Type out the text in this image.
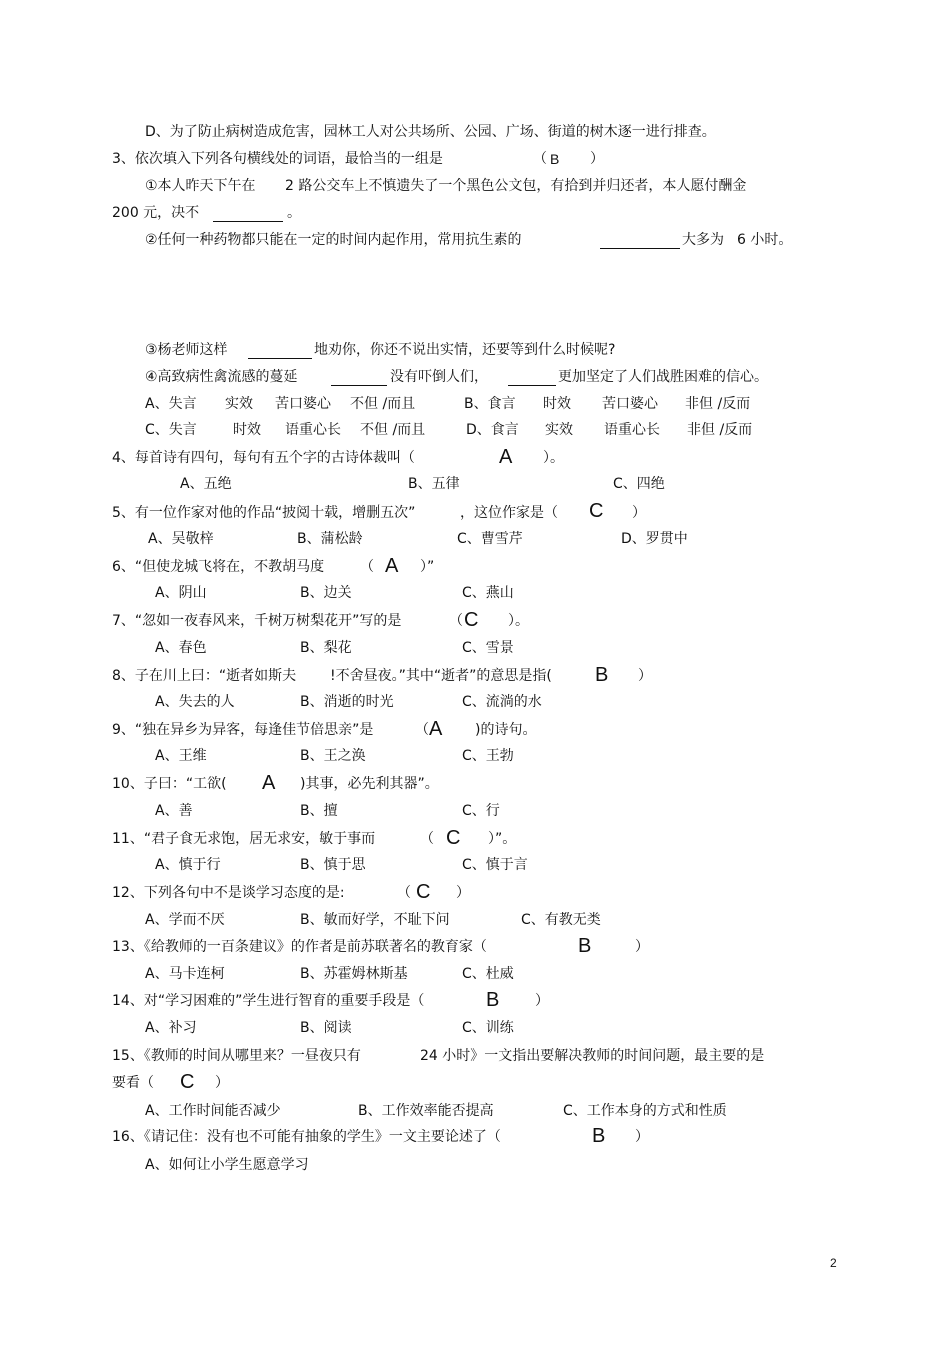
D、为了防止病树造成危害，园林工人对公共场所、公园、广场、街道的树木逐一进行排查。
3、依次填入下列各句横线处的词语，最恰当的一组是	（ B ）
①本人昨天下午在 2 路公交车上不慎遗失了一个黑色公文包，有拾到并归还者，本人愿付酬金
200 元，决不	。
②任何一种药物都只能在一定的时间内起作用，常用抗生素的	大多为 6 小时。
③杨老师这样	地劝你，你还不说出实情，还要等到什么时候呢?
④高致病性禽流感的蔓延	没有吓倒人们，	更加坚定了人们战胜困难的信心。
A、失言 实效 苦口婆心 不但 /而且	B、食言 时效 苦口婆心 非但 /反而
C、失言	时效 语重心长 不但 /而且	D、食言 实效 语重心长 非但 /反而
4、每首诗有四句，每句有五个字的古诗体裁叫（	A ）。
A、五绝	B、五律	C、四绝
5、有一位作家对他的作品“披阅十载，增删五次”	，这位作家是（ C ）
A、吴敬梓	B、蒲松龄	C、曹雪芹	D、罗贯中
6、“但使龙城飞将在，不教胡马度	（ A ）”
A、阴山	B、边关	C、燕山
7、“忽如一夜春风来，千树万树梨花开”写的是	（ C ）。
A、春色	B、梨花	C、雪景
8、子在川上曰：“逝者如斯夫 !不舍昼夜。”其中“逝者”的意思是指( B ）
A、失去的人	B、消逝的时光	C、流淌的水
9、“独在异乡为异客，每逢佳节倍思亲”是	（ A )的诗句。
A、王维	B、王之涣	C、王勃
10、子曰：“工欲( A )其事，必先利其器”。
A、善	B、擅	C、行
11、“君子食无求饱，居无求安，敏于事而	（ C ）”。
A、慎于行	B、慎于思	C、慎于言
12、下列各句中不是谈学习态度的是:	（ C ）
A、学而不厌	B、敏而好学，不耻下问	C、有教无类
13、《给教师的一百条建议》的作者是前苏联著名的教育家（	B	）
A、马卡连柯	B、苏霍姆林斯基	C、杜威
14、对“学习困难的”学生进行智育的重要手段是（	B	）
A、补习	B、阅读	C、训练
15、《教师的时间从哪里来？一昼夜只有	24 小时》一文指出要解决教师的时间问题，最主要的是
要看（ C ）
A、工作时间能否减少	B、工作效率能否提高	C、工作本身的方式和性质
16、《请记住：没有也不可能有抽象的学生》一文主要论述了（	B ）
A、如何让小学生愿意学习
2
